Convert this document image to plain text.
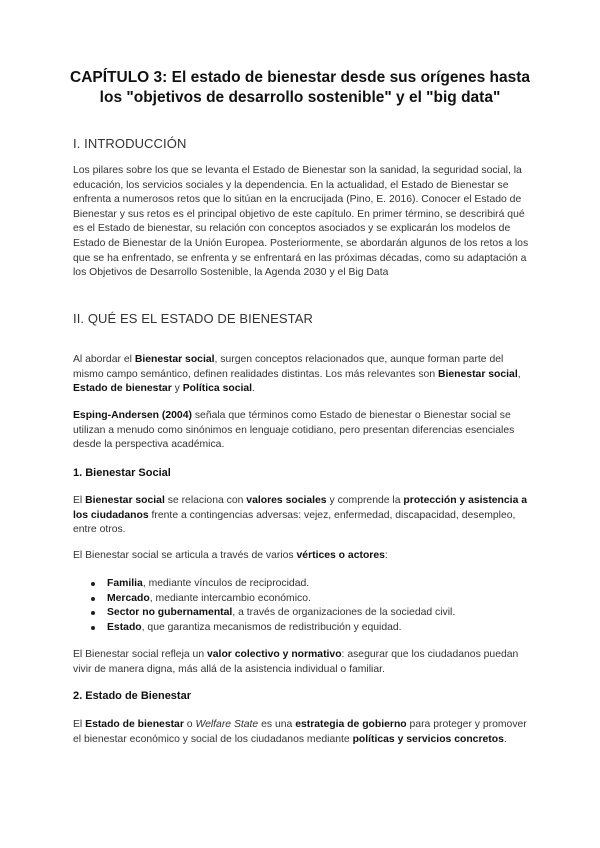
CAPÍTULO 3: El estado de bienestar desde sus orígenes hasta
los "objetivos de desarrollo sostenible" y el "big data"
I. INTRODUCCIÓN
Los pilares sobre los que se levanta el Estado de Bienestar son la sanidad, la seguridad social, la educación, los servicios sociales y la dependencia. En la actualidad, el Estado de Bienestar se enfrenta a numerosos retos que lo sitúan en la encrucijada (Pino, E. 2016). Conocer el Estado de Bienestar y sus retos es el principal objetivo de este capítulo. En primer término, se describirá qué es el Estado de bienestar, su relación con conceptos asociados y se explicarán los modelos de Estado de Bienestar de la Unión Europea. Posteriormente, se abordarán algunos de los retos a los que se ha enfrentado, se enfrenta y se enfrentará en las próximas décadas, como su adaptación a los Objetivos de Desarrollo Sostenible, la Agenda 2030 y el Big Data
II. QUÉ ES EL ESTADO DE BIENESTAR
Al abordar el Bienestar social, surgen conceptos relacionados que, aunque forman parte del mismo campo semántico, definen realidades distintas. Los más relevantes son Bienestar social, Estado de bienestar y Política social.
Esping-Andersen (2004) señala que términos como Estado de bienestar o Bienestar social se utilizan a menudo como sinónimos en lenguaje cotidiano, pero presentan diferencias esenciales desde la perspectiva académica.
1. Bienestar Social
El Bienestar social se relaciona con valores sociales y comprende la protección y asistencia a los ciudadanos frente a contingencias adversas: vejez, enfermedad, discapacidad, desempleo, entre otros.
El Bienestar social se articula a través de varios vértices o actores:
Familia, mediante vínculos de reciprocidad.
Mercado, mediante intercambio económico.
Sector no gubernamental, a través de organizaciones de la sociedad civil.
Estado, que garantiza mecanismos de redistribución y equidad.
El Bienestar social refleja un valor colectivo y normativo: asegurar que los ciudadanos puedan vivir de manera digna, más allá de la asistencia individual o familiar.
2. Estado de Bienestar
El Estado de bienestar o Welfare State es una estrategia de gobierno para proteger y promover el bienestar económico y social de los ciudadanos mediante políticas y servicios concretos.
